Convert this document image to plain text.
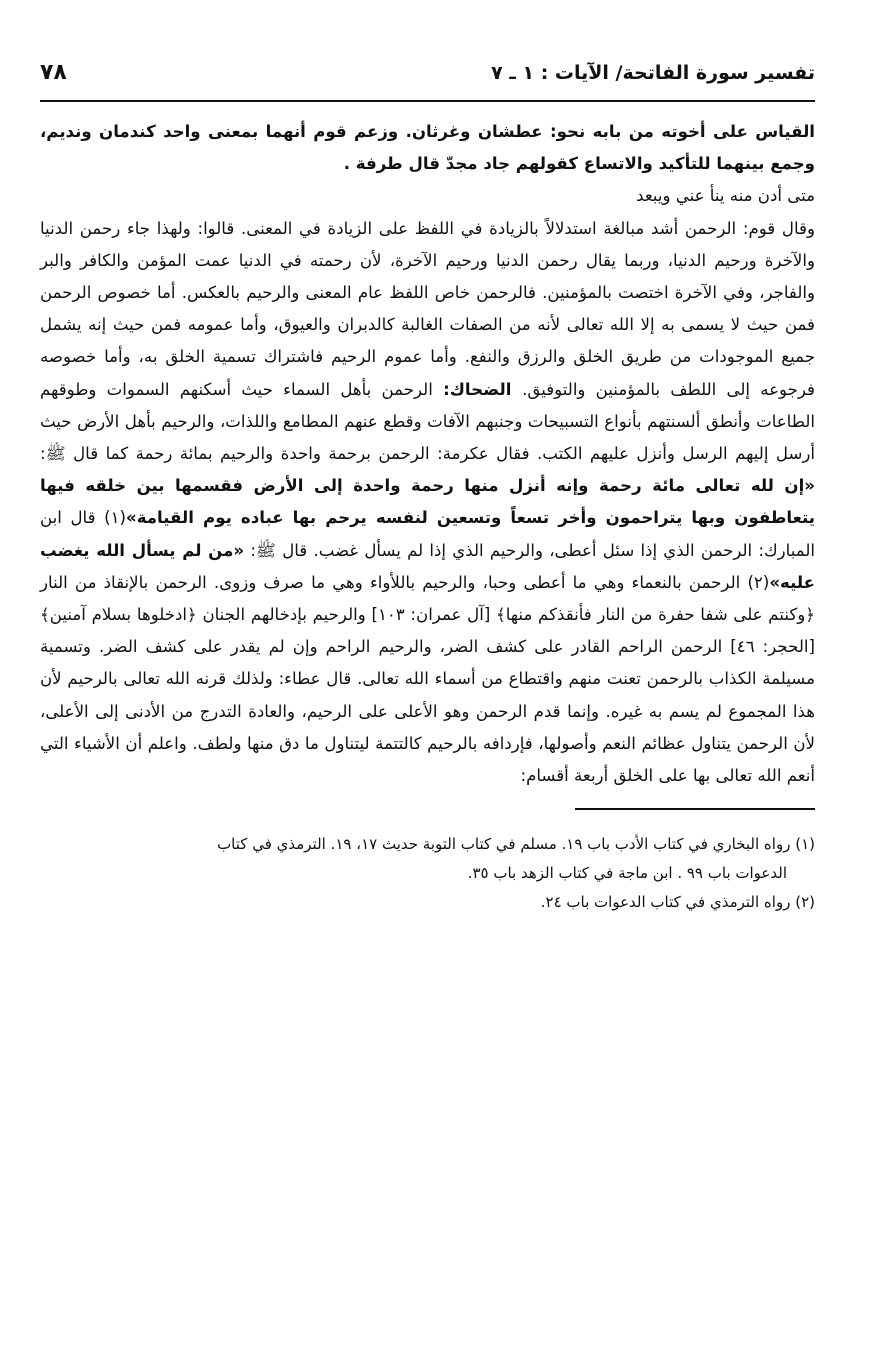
تفسير سورة الفاتحة/ الآيات : ١ ـ ٧
٧٨

القياس على أخوته من بابه نحو: عطشان وغرثان. وزعم قوم أنهما بمعنى واحد كندمان ونديم، وجمع بينهما للتأكيد والاتساع كقولهم جاد مجدّ قال طرفة .

متى أدن منه ينأ عني ويبعد

وقال قوم: الرحمن أشد مبالغة استدلالاً بالزيادة في اللفظ على الزيادة في المعنى. قالوا: ولهذا جاء رحمن الدنيا والآخرة ورحيم الدنيا، وربما يقال رحمن الدنيا ورحيم الآخرة، لأن رحمته في الدنيا عمت المؤمن والكافر والبر والفاجر، وفي الآخرة اختصت بالمؤمنين. فالرحمن خاص اللفظ عام المعنى والرحيم بالعكس. أما خصوص الرحمن فمن حيث لا يسمى به إلا الله تعالى لأنه من الصفات الغالبة كالدبران والعيوق، وأما عمومه فمن حيث إنه يشمل جميع الموجودات من طريق الخلق والرزق والنفع. وأما عموم الرحيم فاشتراك تسمية الخلق به، وأما خصوصه فرجوعه إلى اللطف بالمؤمنين والتوفيق. الضحاك: الرحمن بأهل السماء حيث أسكنهم السموات وطوقهم الطاعات وأنطق ألسنتهم بأنواع التسبيحات وجنبهم الآفات وقطع عنهم المطامع واللذات، والرحيم بأهل الأرض حيث أرسل إليهم الرسل وأنزل عليهم الكتب. فقال عكرمة: الرحمن برحمة واحدة والرحيم بمائة رحمة كما قال ﷺ: «إن لله تعالى مائة رحمة وإنه أنزل منها رحمة واحدة إلى الأرض فقسمها بين خلقه فيها يتعاطفون وبها يتراحمون وأخر تسعاً وتسعين لنفسه يرحم بها عباده يوم القيامة»(١) قال ابن المبارك: الرحمن الذي إذا سئل أعطى، والرحيم الذي إذا لم يسأل غضب. قال ﷺ: «من لم يسأل الله يغضب عليه»(٢) الرحمن بالنعماء وهي ما أعطى وحبا، والرحيم باللأواء وهي ما صرف وزوى. الرحمن بالإنقاذ من النار ﴿وكنتم على شفا حفرة من النار فأنقذكم منها﴾ [آل عمران: ١٠٣] والرحيم بإدخالهم الجنان ﴿ادخلوها بسلام آمنين﴾ [الحجر: ٤٦] الرحمن الراحم القادر على كشف الضر، والرحيم الراحم وإن لم يقدر على كشف الضر. وتسمية مسيلمة الكذاب بالرحمن تعنت منهم واقتطاع من أسماء الله تعالى. قال عطاء: ولذلك قرنه الله تعالى بالرحيم لأن هذا المجموع لم يسم به غيره. وإنما قدم الرحمن وهو الأعلى على الرحيم، والعادة التدرج من الأدنى إلى الأعلى، لأن الرحمن يتناول عظائم النعم وأصولها، فإردافه بالرحيم كالتتمة ليتناول ما دق منها ولطف. واعلم أن الأشياء التي أنعم الله تعالى بها على الخلق أربعة أقسام:

(١) رواه البخاري في كتاب الأدب باب ١٩. مسلم في كتاب التوبة حديث ١٧، ١٩. الترمذي في كتاب

الدعوات باب ٩٩ . ابن ماجة في كتاب الزهد باب ٣٥.

(٢) رواه الترمذي في كتاب الدعوات باب ٢٤.
